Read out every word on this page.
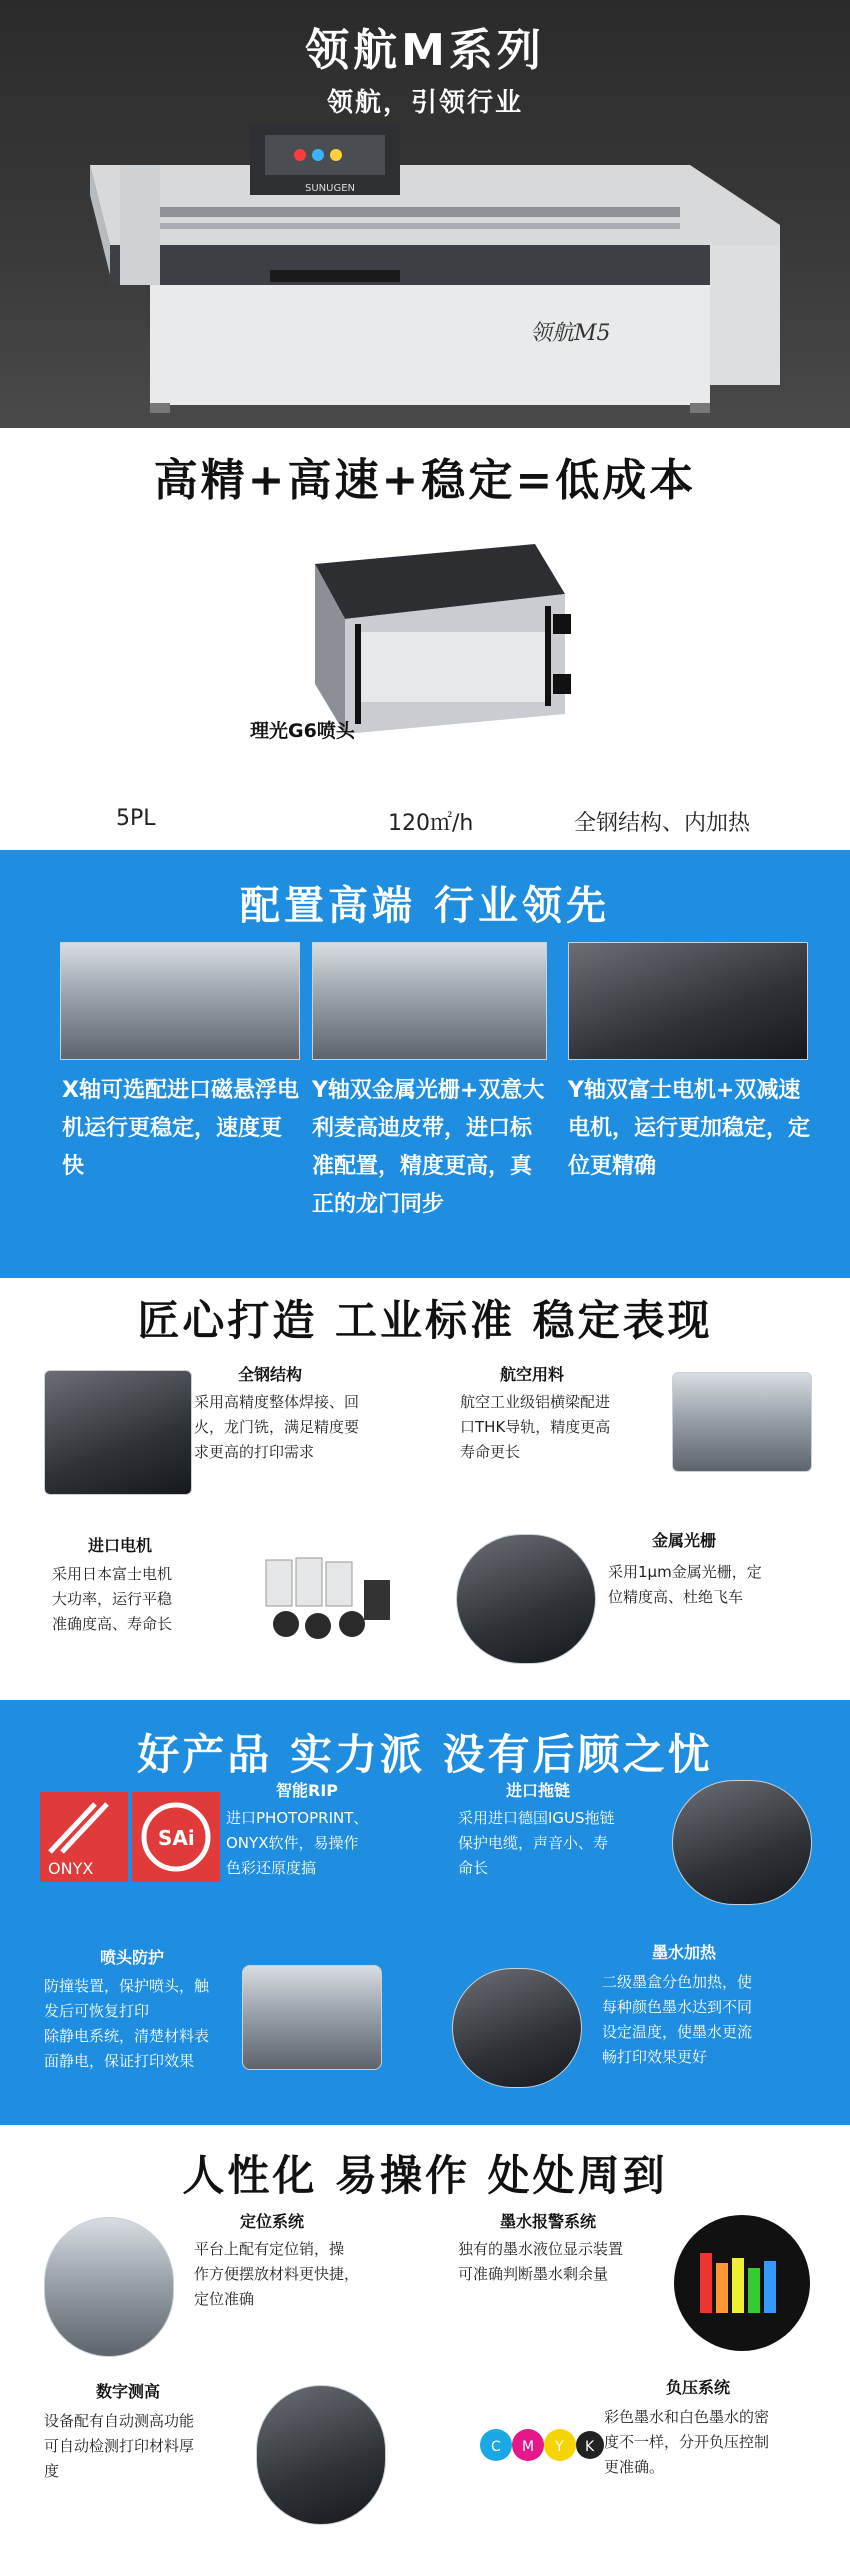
领航M系列
领航，引领行业
SUNUGEN
领航M5
高精+高速+稳定=低成本
理光G6喷头
5PL	120㎡/h	全钢结构、内加热
配置高端 行业领先
X轴可选配进口磁悬浮电机运行更稳定，速度更快
Y轴双金属光栅+双意大利麦高迪皮带，进口标准配置，精度更高，真正的龙门同步
Y轴双富士电机+双减速电机，运行更加稳定，定位更精确
匠心打造 工业标准 稳定表现
全钢结构
采用高精度整体焊接、回
火，龙门铣，满足精度要
求更高的打印需求
航空用料
航空工业级铝横梁配进
口THK导轨，精度更高
寿命更长
进口电机
采用日本富士电机
大功率，运行平稳
准确度高、寿命长
金属光栅
采用1μm金属光栅，定
位精度高、杜绝飞车
好产品 实力派 没有后顾之忧
ONYX
SAi
智能RIP
进口PHOTOPRINT、
ONYX软件，易操作
色彩还原度搞
进口拖链
采用进口德国IGUS拖链
保护电缆，声音小、寿
命长
喷头防护
防撞装置，保护喷头，触
发后可恢复打印
除静电系统，清楚材料表
面静电，保证打印效果
墨水加热
二级墨盒分色加热，使
每种颜色墨水达到不同
设定温度，使墨水更流
畅打印效果更好
人性化 易操作 处处周到
定位系统
平台上配有定位销，操
作方便摆放材料更快捷，
定位准确
墨水报警系统
独有的墨水液位显示装置
可准确判断墨水剩余量
数字测高
设备配有自动测高功能
可自动检测打印材料厚
度
C M Y K
负压系统
彩色墨水和白色墨水的密
度不一样，分开负压控制
更准确。
